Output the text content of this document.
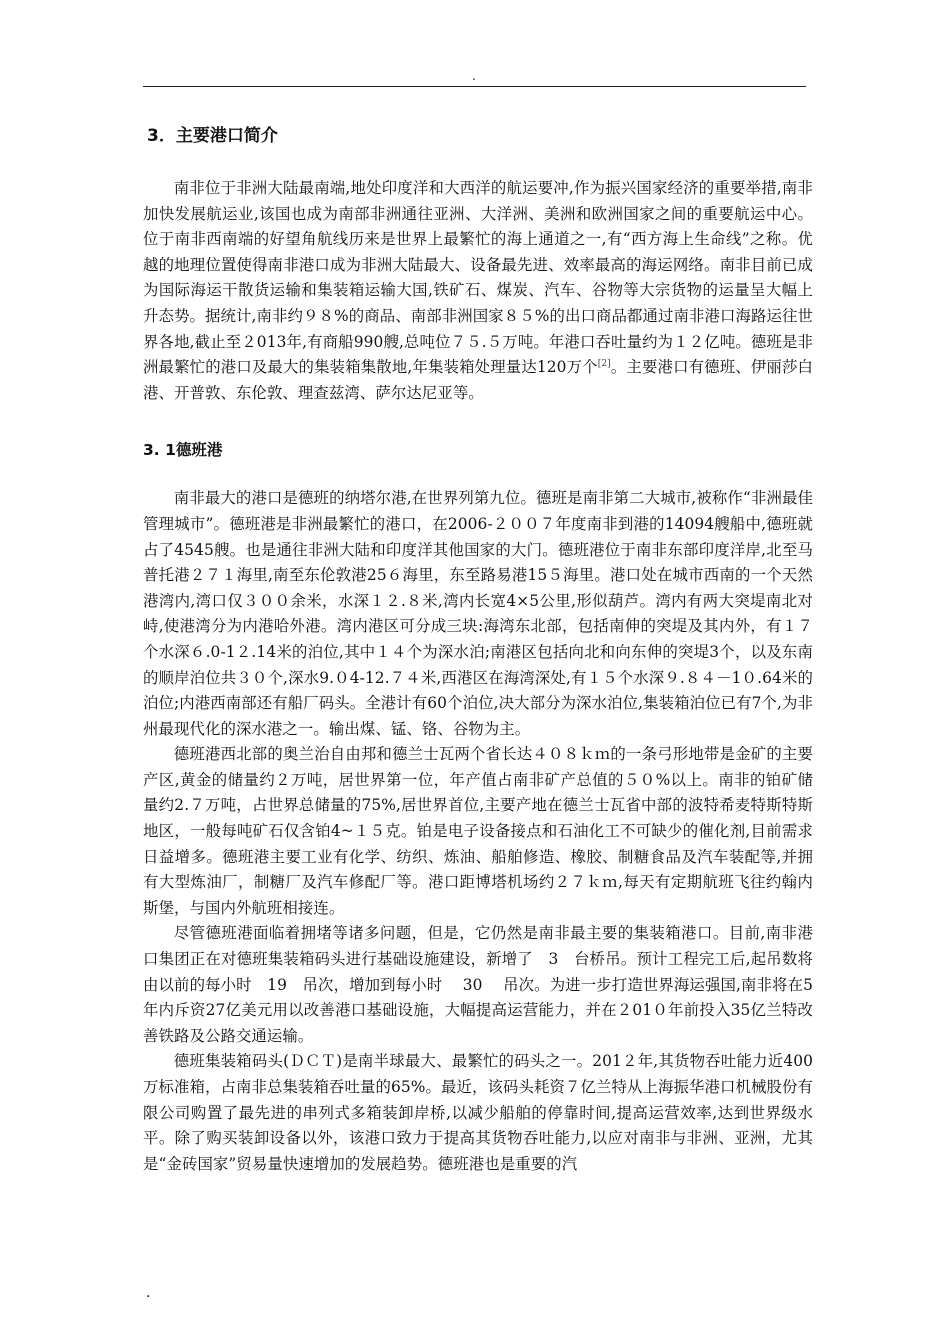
.
3．主要港口简介

南非位于非洲大陆最南端,地处印度洋和大西洋的航运要冲,作为振兴国家经济的重要举措,南非加快发展航运业,该国也成为南部非洲通往亚洲、大洋洲、美洲和欧洲国家之间的重要航运中心。位于南非西南端的好望角航线历来是世界上最繁忙的海上通道之一,有“西方海上生命线”之称。优越的地理位置使得南非港口成为非洲大陆最大、设备最先进、效率最高的海运网络。南非目前已成为国际海运干散货运输和集装箱运输大国,铁矿石、煤炭、汽车、谷物等大宗货物的运量呈大幅上升态势。据统计,南非约９８%的商品、南部非洲国家８５%的出口商品都通过南非港口海路运往世界各地,截止至２013年,有商船990艘,总吨位７５.５万吨。年港口吞吐量约为１２亿吨。德班是非洲最繁忙的港口及最大的集装箱集散地,年集装箱处理量达120万个[2]。主要港口有德班、伊丽莎白港、开普敦、东伦敦、理查兹湾、萨尔达尼亚等。

3. 1德班港

南非最大的港口是德班的纳塔尔港,在世界列第九位。德班是南非第二大城市,被称作“非洲最佳管理城市”。德班港是非洲最繁忙的港口，在2006-２００７年度南非到港的14094艘船中,德班就占了4545艘。也是通往非洲大陆和印度洋其他国家的大门。德班港位于南非东部印度洋岸,北至马普托港２７１海里,南至东伦敦港25６海里，东至路易港15５海里。港口处在城市西南的一个天然港湾内,湾口仅３００余米，水深１２.８米,湾内长宽4×5公里,形似葫芦。湾内有两大突堤南北对峙,使港湾分为内港哈外港。湾内港区可分成三块:海湾东北部，包括南伸的突堤及其内外，有１７个水深６.0-1２.14米的泊位,其中１４个为深水泊;南港区包括向北和向东伸的突堤3个，以及东南的顺岸泊位共３０个,深水9.０4-12.７４米,西港区在海湾深处,有１５个水深９.８４－1０.64米的泊位;内港西南部还有船厂码头。全港计有60个泊位,决大部分为深水泊位,集装箱泊位已有7个,为非州最现代化的深水港之一。输出煤、锰、铬、谷物为主。

德班港西北部的奥兰治自由邦和德兰士瓦两个省长达４０８ｋｍ的一条弓形地带是金矿的主要产区,黄金的储量约２万吨，居世界第一位，年产值占南非矿产总值的５０%以上。南非的铂矿储量约2.７万吨，占世界总储量的75%,居世界首位,主要产地在德兰士瓦省中部的波特希麦特斯特斯地区，一般每吨矿石仅含铂4~１５克。铂是电子设备接点和石油化工不可缺少的催化剂,目前需求日益增多。德班港主要工业有化学、纺织、炼油、船舶修造、橡胶、制糖食品及汽车装配等,并拥有大型炼油厂，制糖厂及汽车修配厂等。港口距博塔机场约２７ｋｍ,每天有定期航班飞往约翰内斯堡，与国内外航班相接连。

尽管德班港面临着拥堵等诸多问题，但是，它仍然是南非最主要的集装箱港口。目前,南非港口集团正在对德班集装箱码头进行基础设施建设，新增了　3　台桥吊。预计工程完工后,起吊数将由以前的每小时　19　吊次，增加到每小时　 30　 吊次。为进一步打造世界海运强国,南非将在5年内斥资27亿美元用以改善港口基础设施，大幅提高运营能力，并在２01０年前投入35亿兰特改善铁路及公路交通运输。

德班集装箱码头(ＤＣＴ)是南半球最大、最繁忙的码头之一。201２年,其货物吞吐能力近400万标准箱，占南非总集装箱吞吐量的65%。最近，该码头耗资７亿兰特从上海振华港口机械股份有限公司购置了最先进的串列式多箱装卸岸桥,以减少船舶的停靠时间,提高运营效率,达到世界级水平。除了购买装卸设备以外，该港口致力于提高其货物吞吐能力,以应对南非与非洲、亚洲，尤其是“金砖国家”贸易量快速增加的发展趋势。德班港也是重要的汽

.
